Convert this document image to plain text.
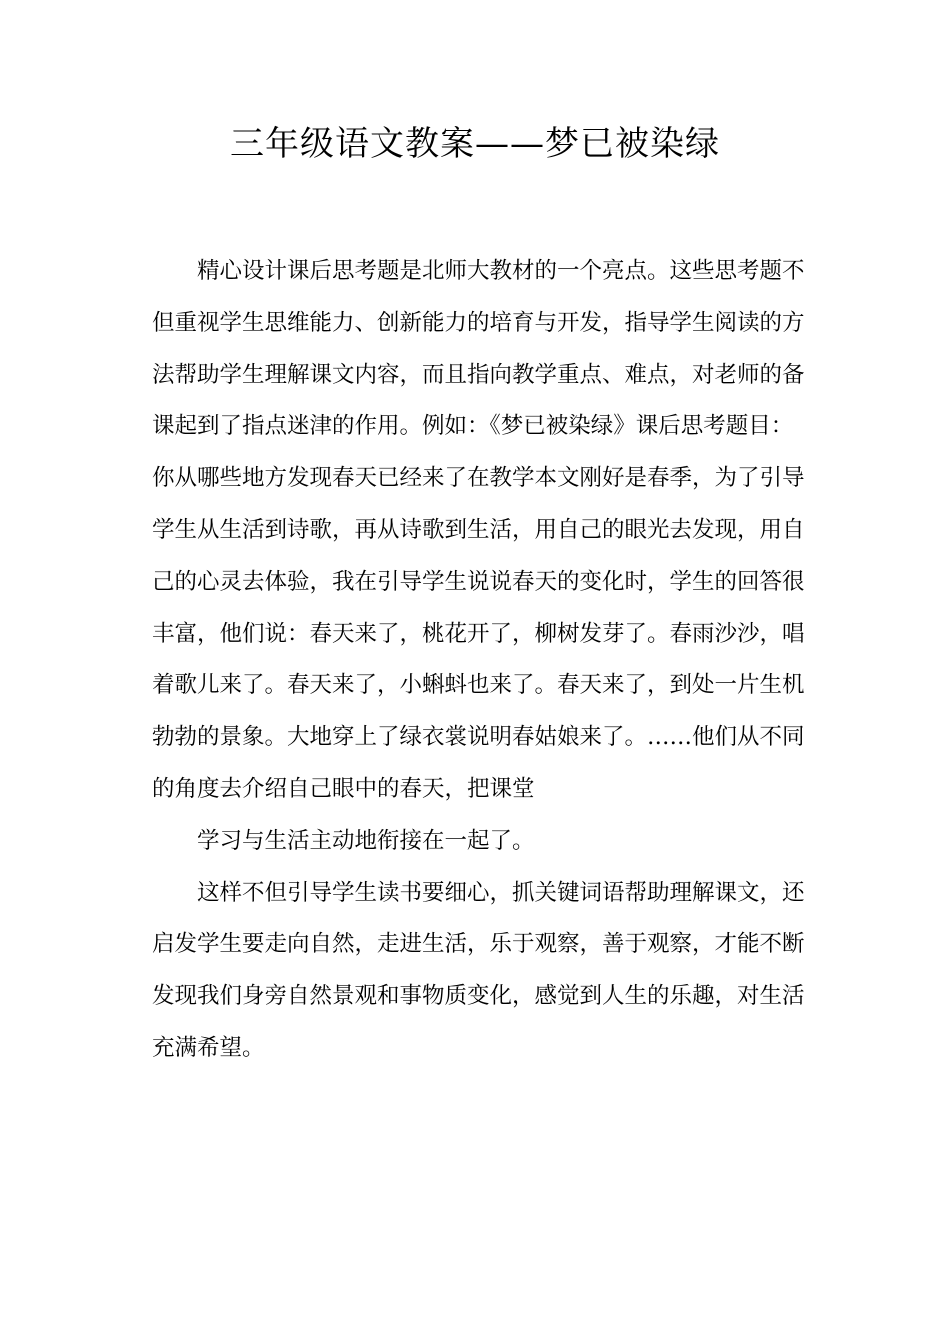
三年级语文教案——梦已被染绿
精心设计课后思考题是北师大教材的一个亮点。这些思考题不
但重视学生思维能力、创新能力的培育与开发，指导学生阅读的方
法帮助学生理解课文内容，而且指向教学重点、难点，对老师的备
课起到了指点迷津的作用。例如：《梦已被染绿》课后思考题目：
你从哪些地方发现春天已经来了在教学本文刚好是春季，为了引导
学生从生活到诗歌，再从诗歌到生活，用自己的眼光去发现，用自
己的心灵去体验，我在引导学生说说春天的变化时，学生的回答很
丰富，他们说：春天来了，桃花开了，柳树发芽了。春雨沙沙，唱
着歌儿来了。春天来了，小蝌蚪也来了。春天来了，到处一片生机
勃勃的景象。大地穿上了绿衣裳说明春姑娘来了。……他们从不同
的角度去介绍自己眼中的春天，把课堂
学习与生活主动地衔接在一起了。
这样不但引导学生读书要细心，抓关键词语帮助理解课文，还
启发学生要走向自然，走进生活，乐于观察，善于观察，才能不断
发现我们身旁自然景观和事物质变化，感觉到人生的乐趣，对生活
充满希望。
